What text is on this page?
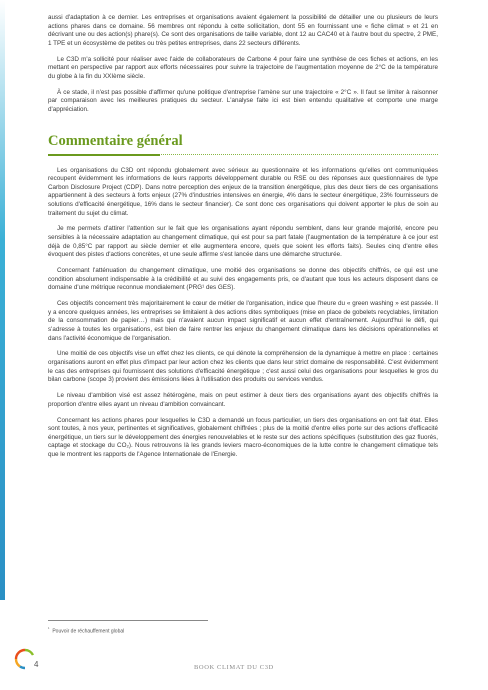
aussi d'adaptation à ce dernier. Les entreprises et organisations avaient également la possibilité de détailler une ou plusieurs de leurs actions phares dans ce domaine. 56 membres ont répondu à cette sollicitation, dont 55 en fournissant une « fiche climat » et 21 en décrivant une ou des action(s) phare(s). Ce sont des organisations de taille variable, dont 12 au CAC40 et à l'autre bout du spectre, 2 PME, 1 TPE et un écosystème de petites ou très petites entreprises, dans 22 secteurs différents.

Le C3D m'a sollicité pour réaliser avec l'aide de collaborateurs de Carbone 4 pour faire une synthèse de ces fiches et actions, en les mettant en perspective par rapport aux efforts nécessaires pour suivre la trajectoire de l'augmentation moyenne de 2°C de la température du globe à la fin du XXIème siècle.

À ce stade, il n'est pas possible d'affirmer qu'une politique d'entreprise l'amène sur une trajectoire « 2°C ». Il faut se limiter à raisonner par comparaison avec les meilleures pratiques du secteur. L'analyse faite ici est bien entendu qualitative et comporte une marge d'appréciation.

Commentaire général

Les organisations du C3D ont répondu globalement avec sérieux au questionnaire et les informations qu'elles ont communiquées recoupent évidemment les informations de leurs rapports développement durable ou RSE ou des réponses aux questionnaires de type Carbon Disclosure Project (CDP). Dans notre perception des enjeux de la transition énergétique, plus des deux tiers de ces organisations appartiennent à des secteurs à forts enjeux (27% d'industries intensives en énergie, 4% dans le secteur énergétique, 23% fournisseurs de solutions d'efficacité énergétique, 16% dans le secteur financier). Ce sont donc ces organisations qui doivent apporter le plus de soin au traitement du sujet du climat.

Je me permets d'attirer l'attention sur le fait que les organisations ayant répondu semblent, dans leur grande majorité, encore peu sensibles à la nécessaire adaptation au changement climatique, qui est pour sa part fatale (l'augmentation de la température à ce jour est déjà de 0,85°C par rapport au siècle dernier et elle augmentera encore, quels que soient les efforts faits). Seules cinq d'entre elles évoquent des pistes d'actions concrètes, et une seule affirme s'est lancée dans une démarche structurée.

Concernant l'atténuation du changement climatique, une moitié des organisations se donne des objectifs chiffrés, ce qui est une condition absolument indispensable à la crédibilité et au suivi des engagements pris, ce d'autant que tous les acteurs disposent dans ce domaine d'une métrique reconnue mondialement (PRG¹ des GES).

Ces objectifs concernent très majoritairement le cœur de métier de l'organisation, indice que l'heure du « green washing » est passée. Il y a encore quelques années, les entreprises se limitaient à des actions dites symboliques (mise en place de gobelets recyclables, limitation de la consommation de papier…) mais qui n'avaient aucun impact significatif et aucun effet d'entraînement. Aujourd'hui le défi, qui s'adresse à toutes les organisations, est bien de faire rentrer les enjeux du changement climatique dans les décisions opérationnelles et dans l'activité économique de l'organisation.

Une moitié de ces objectifs vise un effet chez les clients, ce qui dénote la compréhension de la dynamique à mettre en place : certaines organisations auront en effet plus d'impact par leur action chez les clients que dans leur strict domaine de responsabilité. C'est évidemment le cas des entreprises qui fournissent des solutions d'efficacité énergétique ; c'est aussi celui des organisations pour lesquelles le gros du bilan carbone (scope 3) provient des émissions liées à l'utilisation des produits ou services vendus.

Le niveau d'ambition visé est assez hétérogène, mais on peut estimer à deux tiers des organisations ayant des objectifs chiffrés la proportion d'entre elles ayant un niveau d'ambition convaincant.

Concernant les actions phares pour lesquelles le C3D a demandé un focus particulier, un tiers des organisations en ont fait état. Elles sont toutes, à nos yeux, pertinentes et significatives, globalement chiffrées ; plus de la moitié d'entre elles porte sur des actions d'efficacité énergétique, un tiers sur le développement des énergies renouvelables et le reste sur des actions spécifiques (substitution des gaz fluorés, captage et stockage du CO₂). Nous retrouvons là les grands leviers macro-économiques de la lutte contre le changement climatique tels que le montrent les rapports de l'Agence Internationale de l'Energie.

$^{^1}$Pouvoir de réchauffement global
4	BOOK CLIMAT DU C3D
